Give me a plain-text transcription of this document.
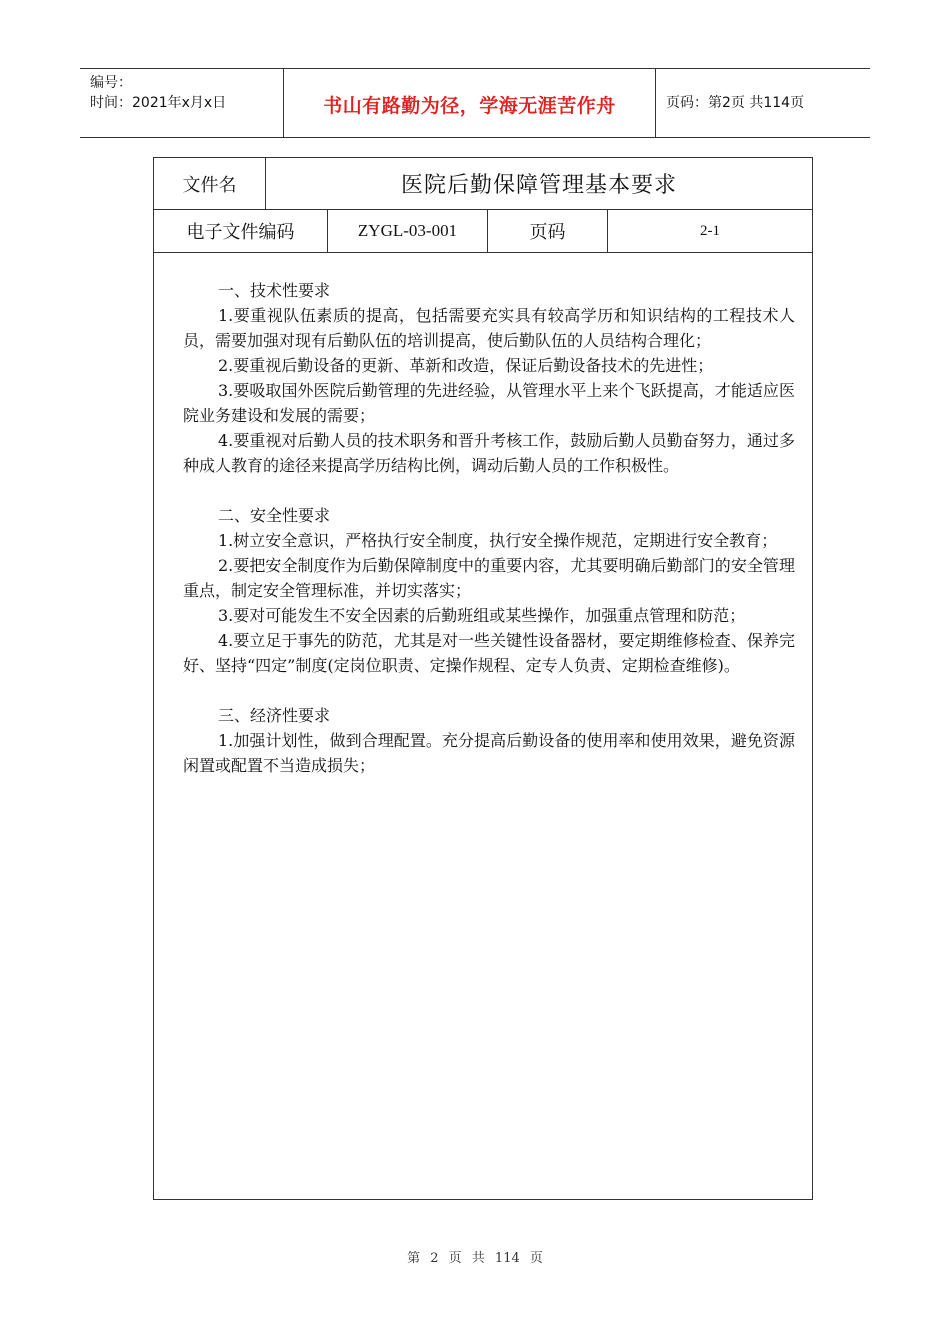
编号：
时间：2021年x月x日	书山有路勤为径，学海无涯苦作舟	页码：第2页 共114页
文件名	医院后勤保障管理基本要求
电子文件编码	ZYGL-03-001	页码	2-1

一、技术性要求

1.要重视队伍素质的提高，包括需要充实具有较高学历和知识结构的工程技术人员，需要加强对现有后勤队伍的培训提高，使后勤队伍的人员结构合理化；

2.要重视后勤设备的更新、革新和改造，保证后勤设备技术的先进性；

3.要吸取国外医院后勤管理的先进经验，从管理水平上来个飞跃提高，才能适应医院业务建设和发展的需要；

4.要重视对后勤人员的技术职务和晋升考核工作，鼓励后勤人员勤奋努力，通过多种成人教育的途径来提高学历结构比例，调动后勤人员的工作积极性。

二、安全性要求

1.树立安全意识，严格执行安全制度，执行安全操作规范，定期进行安全教育；

2.要把安全制度作为后勤保障制度中的重要内容，尤其要明确后勤部门的安全管理重点，制定安全管理标准，并切实落实；

3.要对可能发生不安全因素的后勤班组或某些操作，加强重点管理和防范；

4.要立足于事先的防范，尤其是对一些关键性设备器材，要定期维修检查、保养完好、坚持“四定”制度(定岗位职责、定操作规程、定专人负责、定期检查维修)。

三、经济性要求

1.加强计划性，做到合理配置。充分提高后勤设备的使用率和使用效果，避免资源闲置或配置不当造成损失；

第 2 页 共 114 页
